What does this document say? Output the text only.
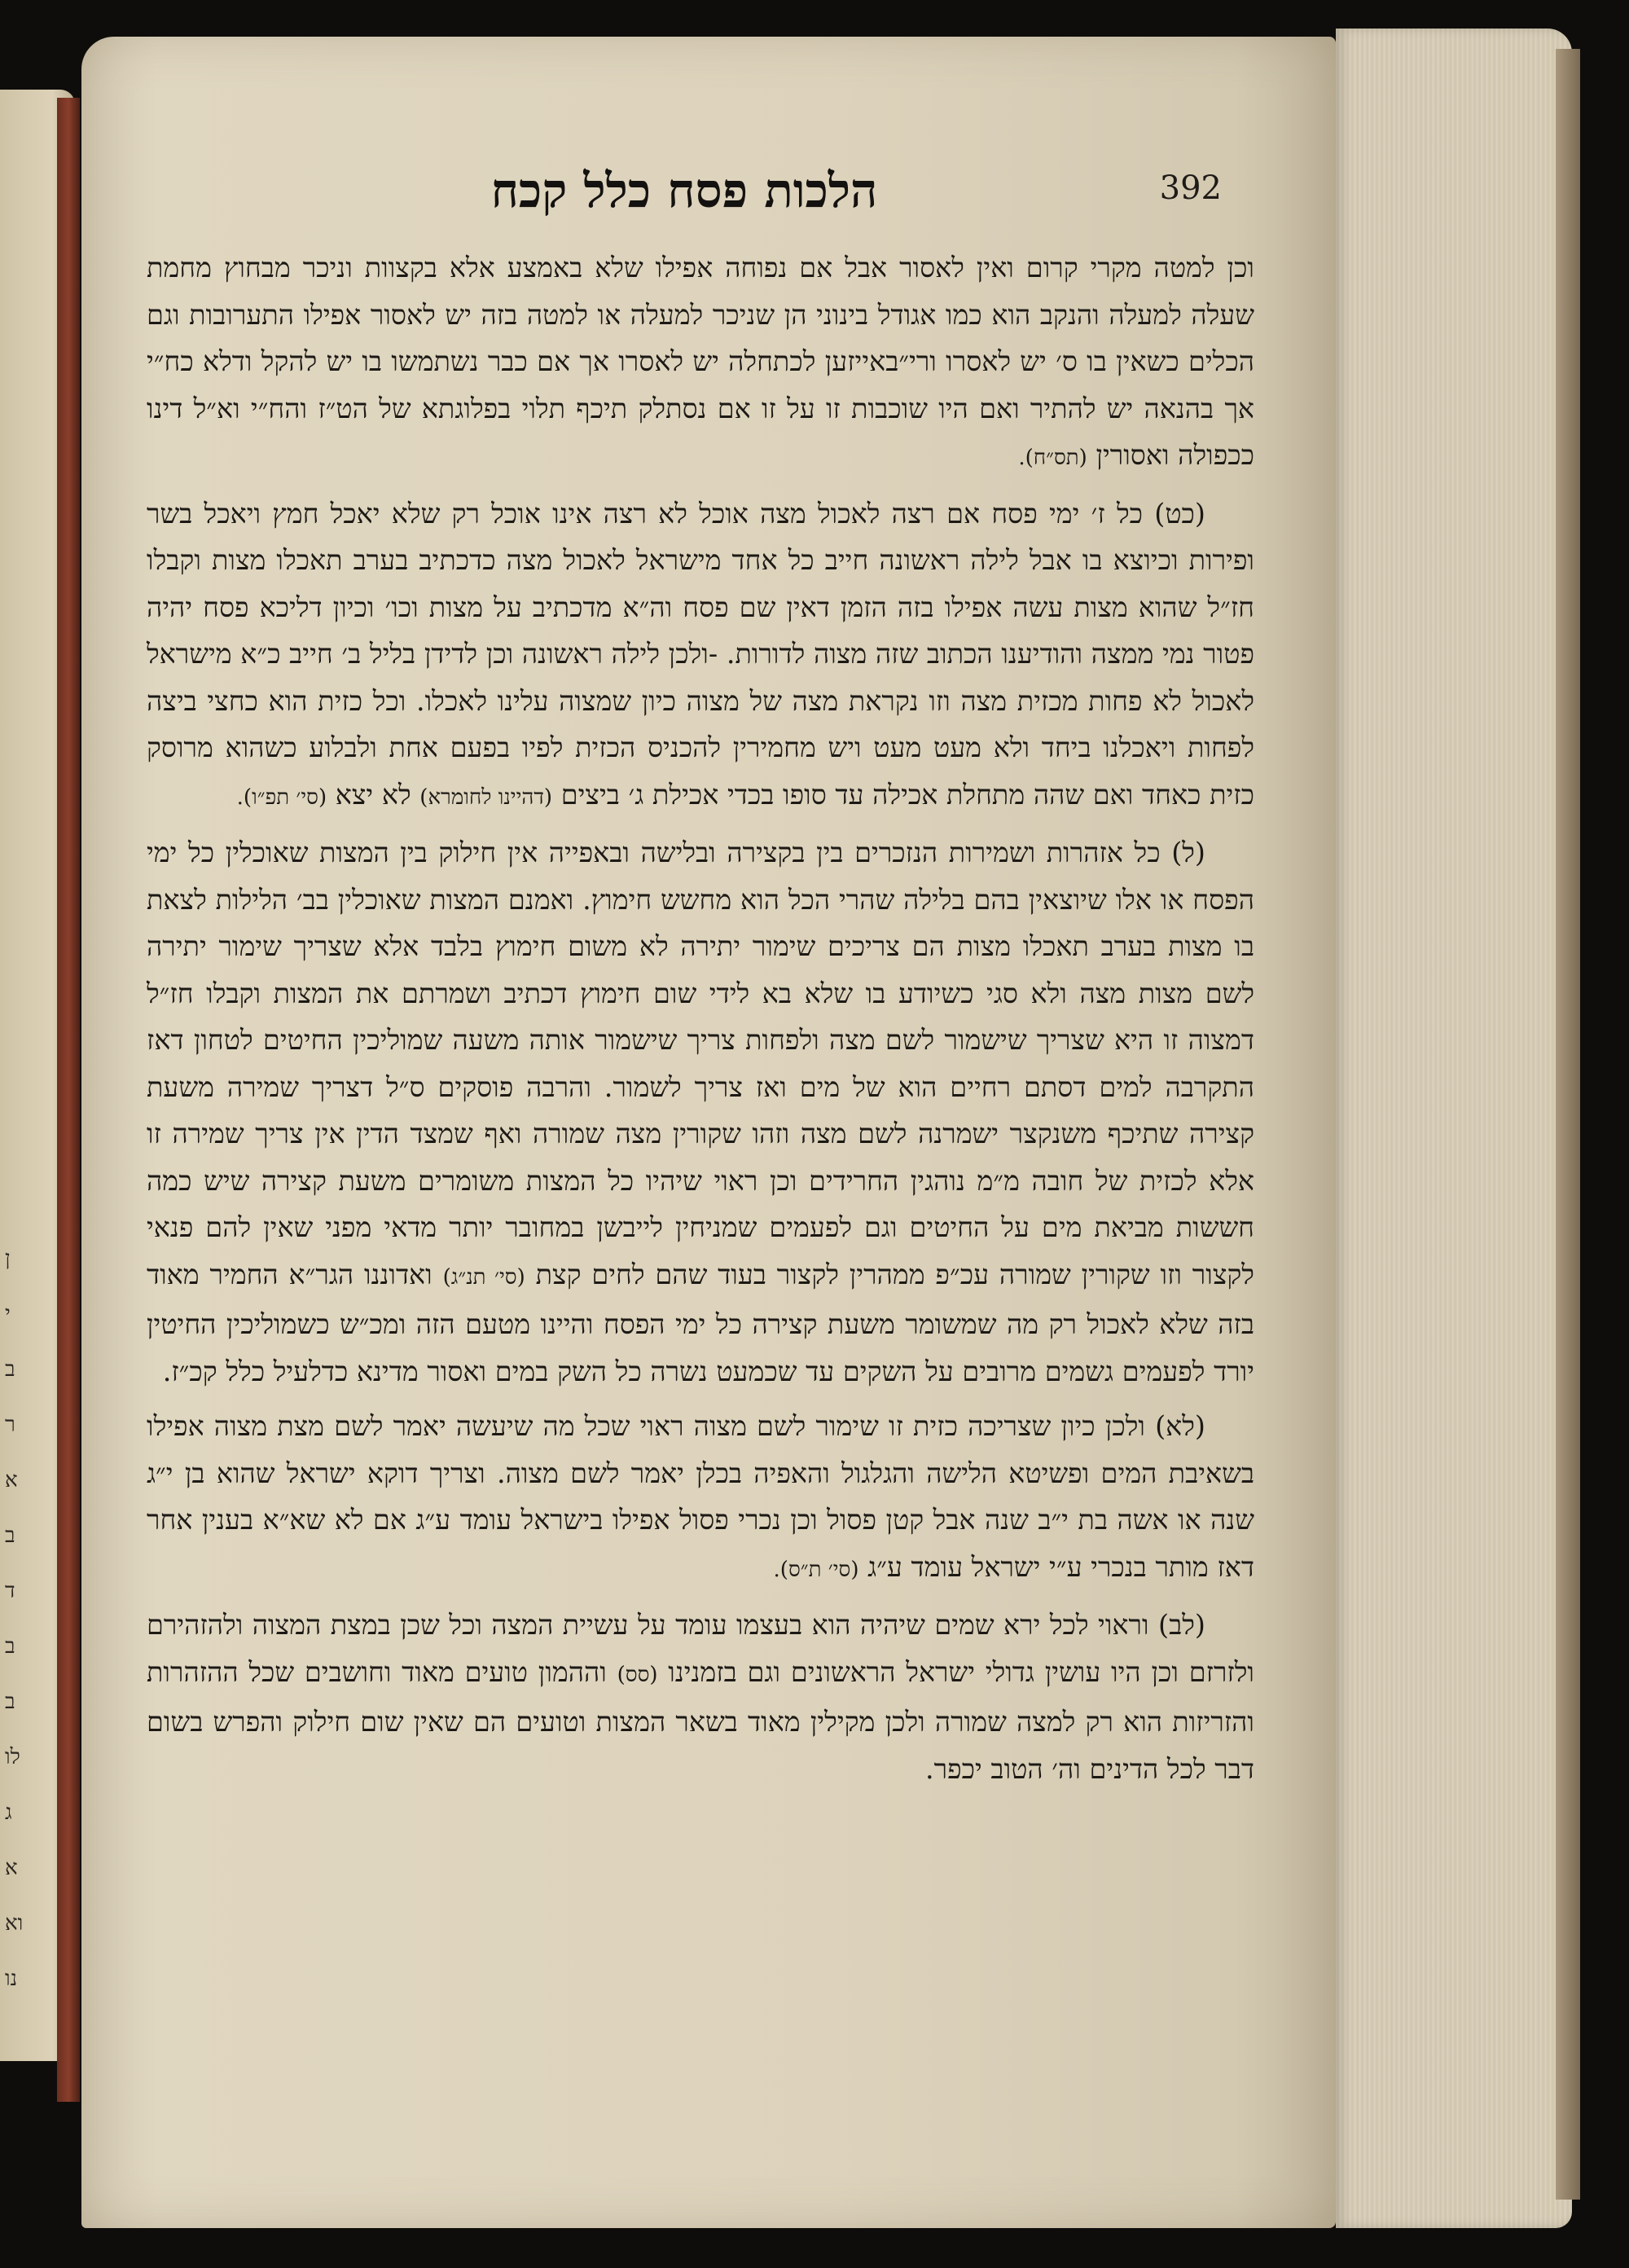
ן
י
ב
ר
א
ב
ד
ב
ב
לו
ג
א
וא
נו
הלכות פסח כלל קכח	392

וכן למטה מקרי קרום ואין לאסור אבל אם נפוחה אפילו שלא באמצע אלא בקצוות וניכר מבחוץ מחמת שעלה למעלה והנקב הוא כמו אגודל בינוני הן שניכר למעלה או למטה בזה יש לאסור אפילו התערובות וגם הכלים כשאין בו ס׳ יש לאסרו ורי״באייזען לכתחלה יש לאסרו אך אם כבר נשתמשו בו יש להקל ודלא כח״י אך בהנאה יש להתיר ואם היו שוכבות זו על זו אם נסתלק תיכף תלוי בפלוגתא של הט״ז והח״י וא״ל דינו ככפולה ואסורין (תס״ח).

(כט) כל ז׳ ימי פסח אם רצה לאכול מצה אוכל לא רצה אינו אוכל רק שלא יאכל חמץ ויאכל בשר ופירות וכיוצא בו אבל לילה ראשונה חייב כל אחד מישראל לאכול מצה כדכתיב בערב תאכלו מצות וקבלו חז״ל שהוא מצות עשה אפילו בזה הזמן דאין שם פסח וה״א מדכתיב על מצות וכו׳ וכיון דליכא פסח יהיה פטור נמי ממצה והודיענו הכתוב שזה מצוה לדורות. ‑ולכן לילה ראשונה וכן לדידן בליל ב׳ חייב כ״א מישראל לאכול לא פחות מכזית מצה וזו נקראת מצה של מצוה כיון שמצוה עלינו לאכלו. וכל כזית הוא כחצי ביצה לפחות ויאכלנו ביחד ולא מעט מעט ויש מחמירין להכניס הכזית לפיו בפעם אחת ולבלוע כשהוא מרוסק כזית כאחד ואם שהה מתחלת אכילה עד סופו בכדי אכילת ג׳ ביצים (דהיינו לחומרא) לא יצא (סי׳ תפ״ו).

(ל) כל אזהרות ושמירות הנזכרים בין בקצירה ובלישה ובאפייה אין חילוק בין המצות שאוכלין כל ימי הפסח או אלו שיוצאין בהם בלילה שהרי הכל הוא מחשש חימוץ. ואמנם המצות שאוכלין בב׳ הלילות לצאת בו מצות בערב תאכלו מצות הם צריכים שימור יתירה לא משום חימוץ בלבד אלא שצריך שימור יתירה לשם מצות מצה ולא סגי כשיודע בו שלא בא לידי שום חימוץ דכתיב ושמרתם את המצות וקבלו חז״ל דמצוה זו היא שצריך שישמור לשם מצה ולפחות צריך שישמור אותה משעה שמוליכין החיטים לטחון דאז התקרבה למים דסתם רחיים הוא של מים ואז צריך לשמור. והרבה פוסקים ס״ל דצריך שמירה משעת קצירה שתיכף משנקצר ישמרנה לשם מצה וזהו שקורין מצה שמורה ואף שמצד הדין אין צריך שמירה זו אלא לכזית של חובה מ״מ נוהגין החרידים וכן ראוי שיהיו כל המצות משומרים משעת קצירה שיש כמה חששות מביאת מים על החיטים וגם לפעמים שמניחין לייבשן במחובר יותר מדאי מפני שאין להם פנאי לקצור וזו שקורין שמורה עכ״פ ממהרין לקצור בעוד שהם לחים קצת (סי׳ תנ״ג) ואדוננו הגר״א החמיר מאוד בזה שלא לאכול רק מה שמשומר משעת קצירה כל ימי הפסח והיינו מטעם הזה ומכ״ש כשמוליכין החיטין יורד לפעמים גשמים מרובים על השקים עד שכמעט נשרה כל השק במים ואסור מדינא כדלעיל כלל קכ״ז.

(לא) ולכן כיון שצריכה כזית זו שימור לשם מצוה ראוי שכל מה שיעשה יאמר לשם מצת מצוה אפילו בשאיבת המים ופשיטא הלישה והגלגול והאפיה בכלן יאמר לשם מצוה. וצריך דוקא ישראל שהוא בן י״ג שנה או אשה בת י״ב שנה אבל קטן פסול וכן נכרי פסול אפילו בישראל עומד ע״ג אם לא שא״א בענין אחר דאז מותר בנכרי ע״י ישראל עומד ע״ג (סי׳ ת״ס).

(לב) וראוי לכל ירא שמים שיהיה הוא בעצמו עומד על עשיית המצה וכל שכן במצת המצוה ולהזהירם ולזרזם וכן היו עושין גדולי ישראל הראשונים וגם בזמנינו (סס) וההמון טועים מאוד וחושבים שכל ההזהרות והזריזות הוא רק למצה שמורה ולכן מקילין מאוד בשאר המצות וטועים הם שאין שום חילוק והפרש בשום דבר לכל הדינים וה׳ הטוב יכפר.
